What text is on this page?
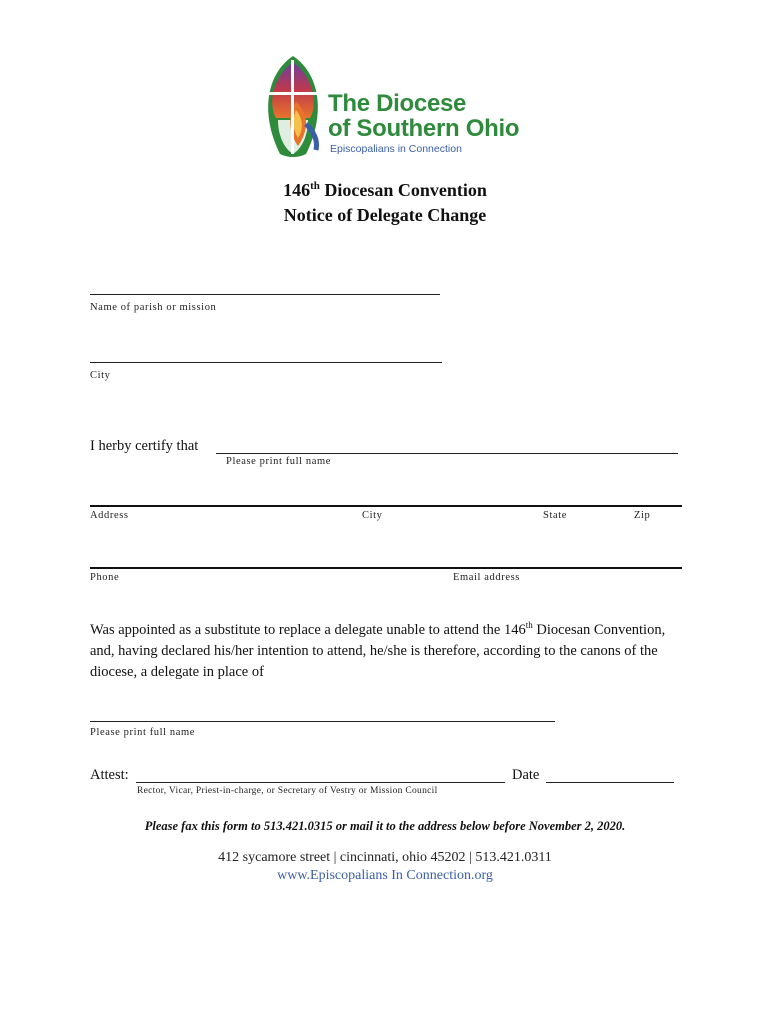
The Diocese
of Southern Ohio
Episcopalians in Connection
146th Diocesan Convention
Notice of Delegate Change
Name of parish or mission
City
I herby certify that
Please print full name
Address	City	State	Zip
Phone	Email address
Was appointed as a substitute to replace a delegate unable to attend the 146th Diocesan Convention, and, having declared his/her intention to attend, he/she is therefore, according to the canons of the diocese, a delegate in place of
Please print full name
Attest:	Date
Rector, Vicar, Priest-in-charge, or Secretary of Vestry or Mission Council
Please fax this form to 513.421.0315 or mail it to the address below before November 2, 2020.
412 sycamore street | cincinnati, ohio 45202 | 513.421.0311
www.Episcopalians In Connection.org
